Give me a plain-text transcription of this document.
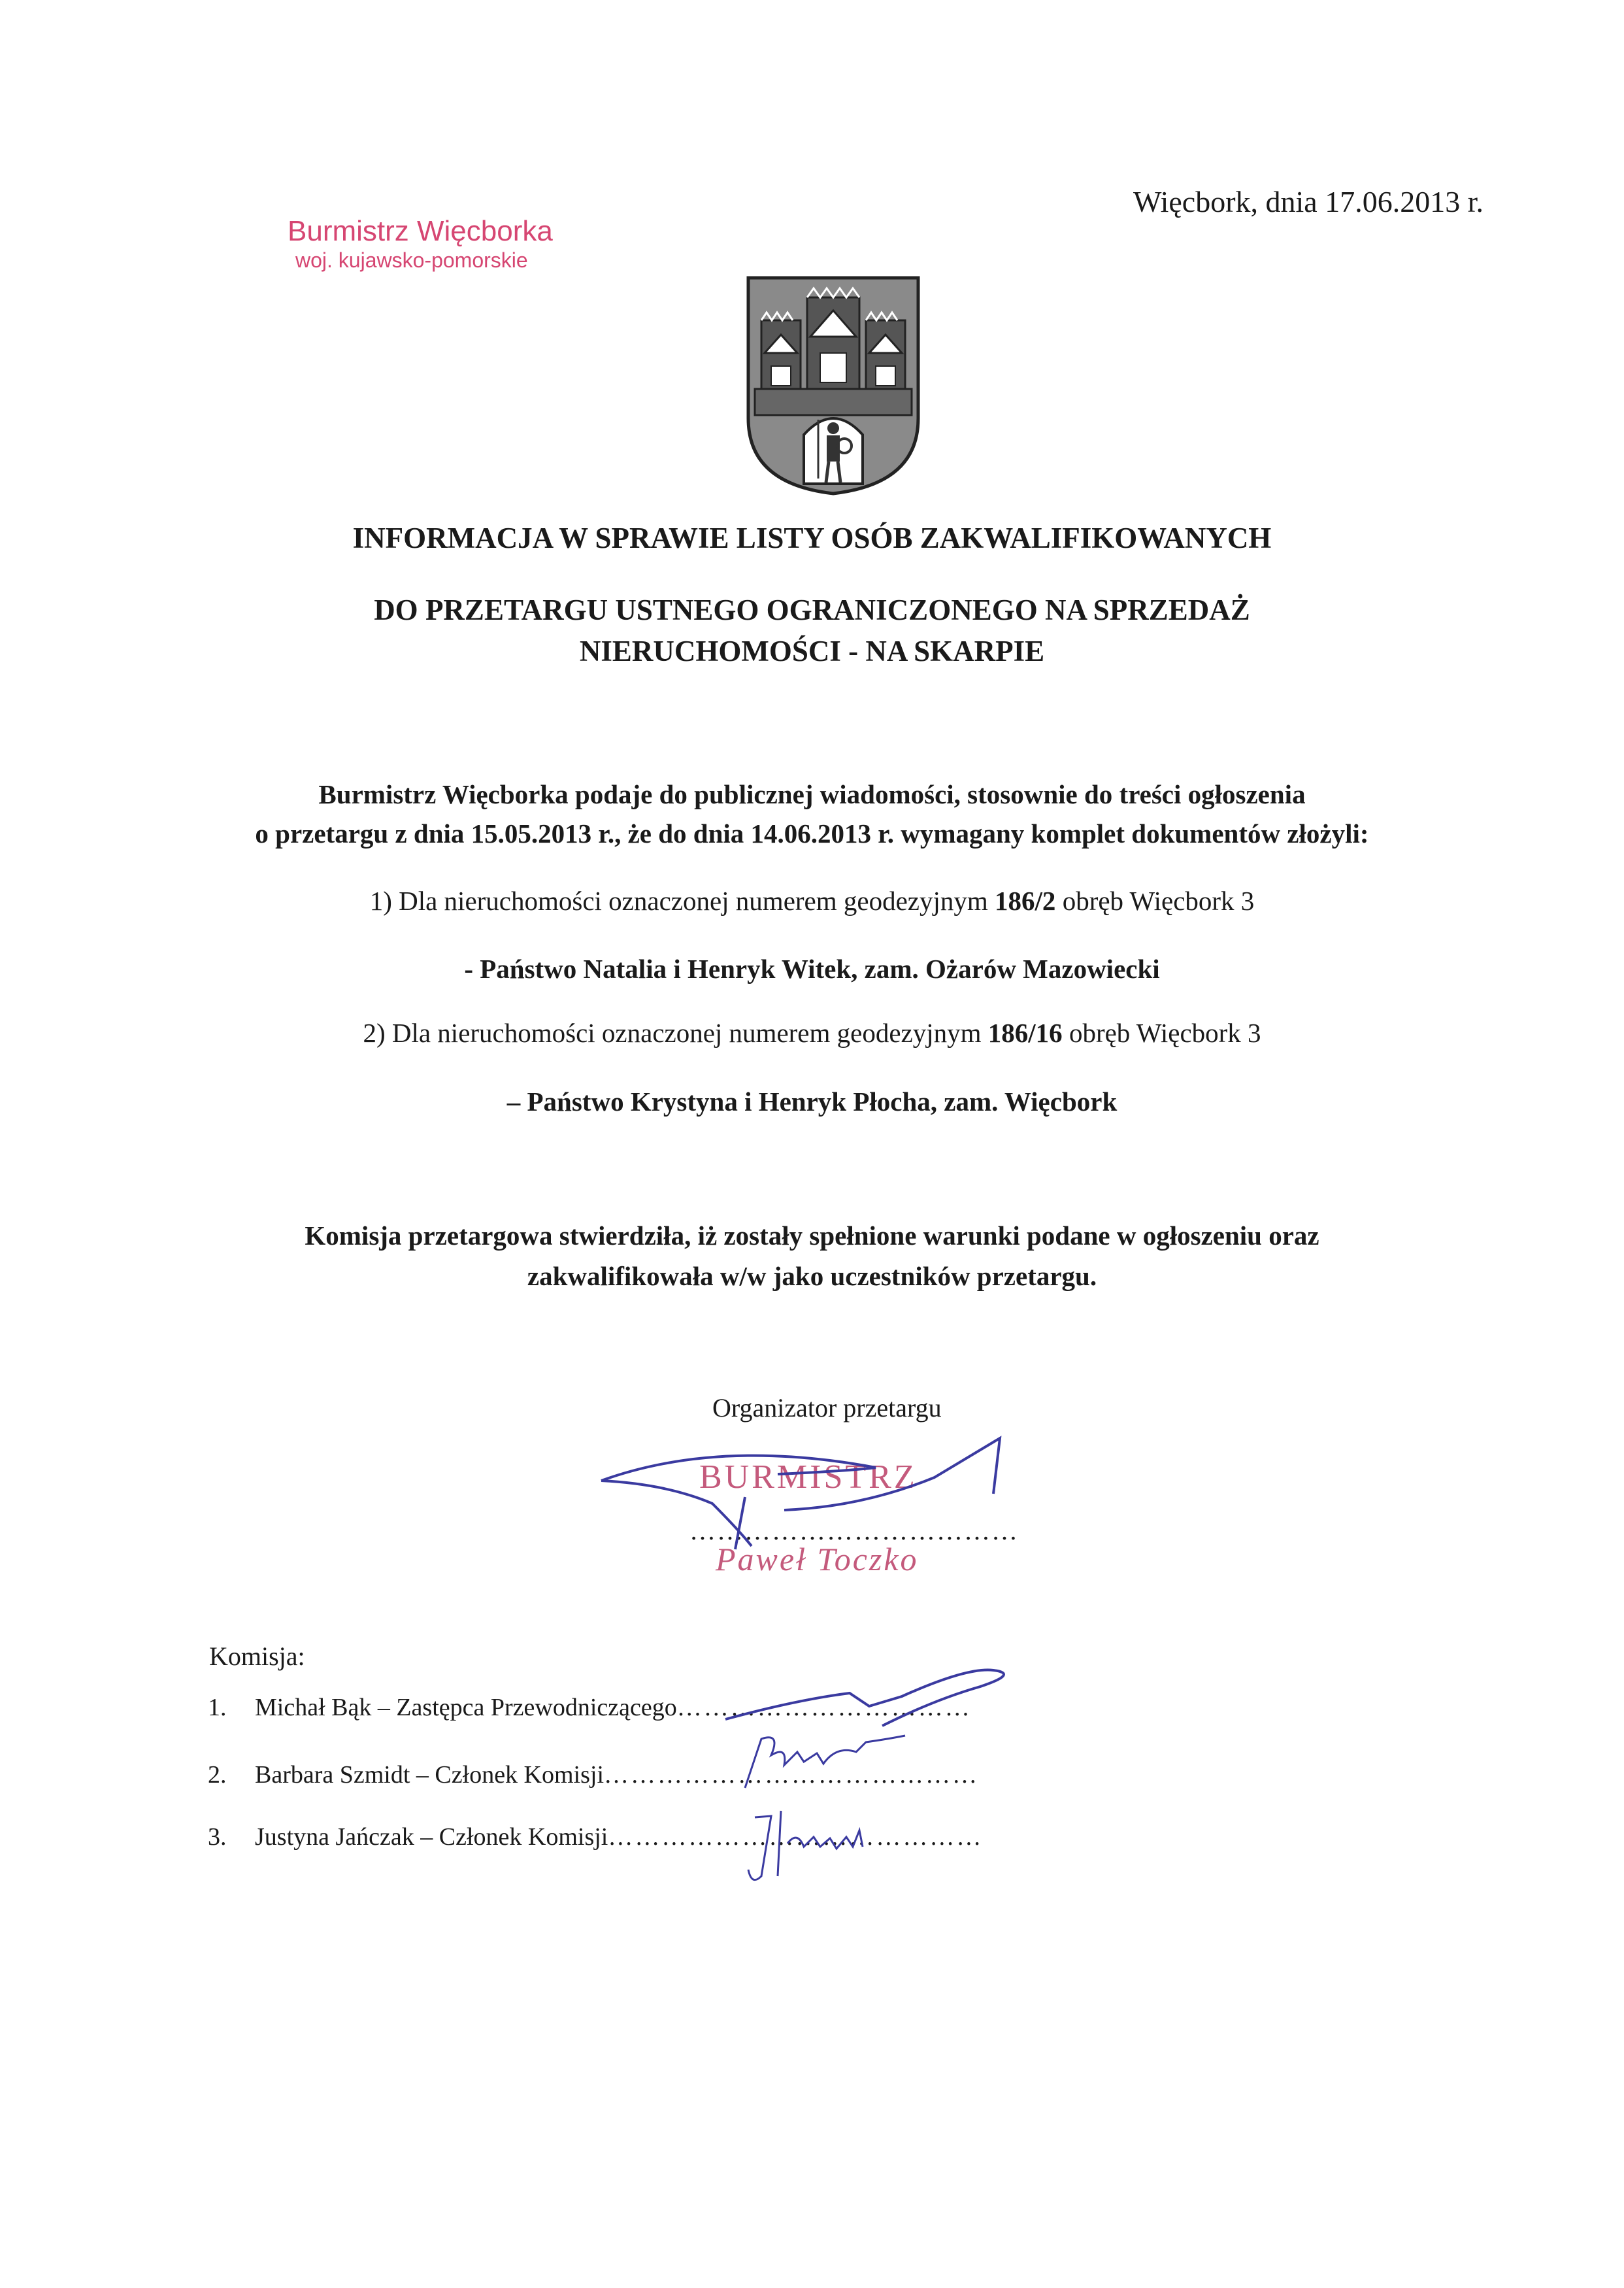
Burmistrz Więcborka
woj. kujawsko-pomorskie
Więcbork, dnia 17.06.2013 r.
INFORMACJA W SPRAWIE LISTY OSÓB ZAKWALIFIKOWANYCH
DO PRZETARGU USTNEGO OGRANICZONEGO NA SPRZEDAŻ
NIERUCHOMOŚCI - NA SKARPIE
Burmistrz Więcborka podaje do publicznej wiadomości, stosownie do treści ogłoszenia
o przetargu z dnia 15.05.2013 r., że do dnia 14.06.2013 r. wymagany komplet dokumentów złożyli:
1) Dla nieruchomości oznaczonej numerem geodezyjnym 186/2 obręb Więcbork 3
- Państwo Natalia i Henryk Witek, zam. Ożarów Mazowiecki
2) Dla nieruchomości oznaczonej numerem geodezyjnym 186/16 obręb Więcbork 3
– Państwo Krystyna i Henryk Płocha, zam. Więcbork
Komisja przetargowa stwierdziła, iż zostały spełnione warunki podane w ogłoszeniu oraz
zakwalifikowała w/w jako uczestników przetargu.
Organizator przetargu
BURMISTRZ
………………………………
Paweł Toczko
Komisja:
1. Michał Bąk – Zastępca Przewodniczącego……………………………
2. Barbara Szmidt – Członek Komisji……………………………………
3. Justyna Jańczak – Członek Komisji……………………………………
